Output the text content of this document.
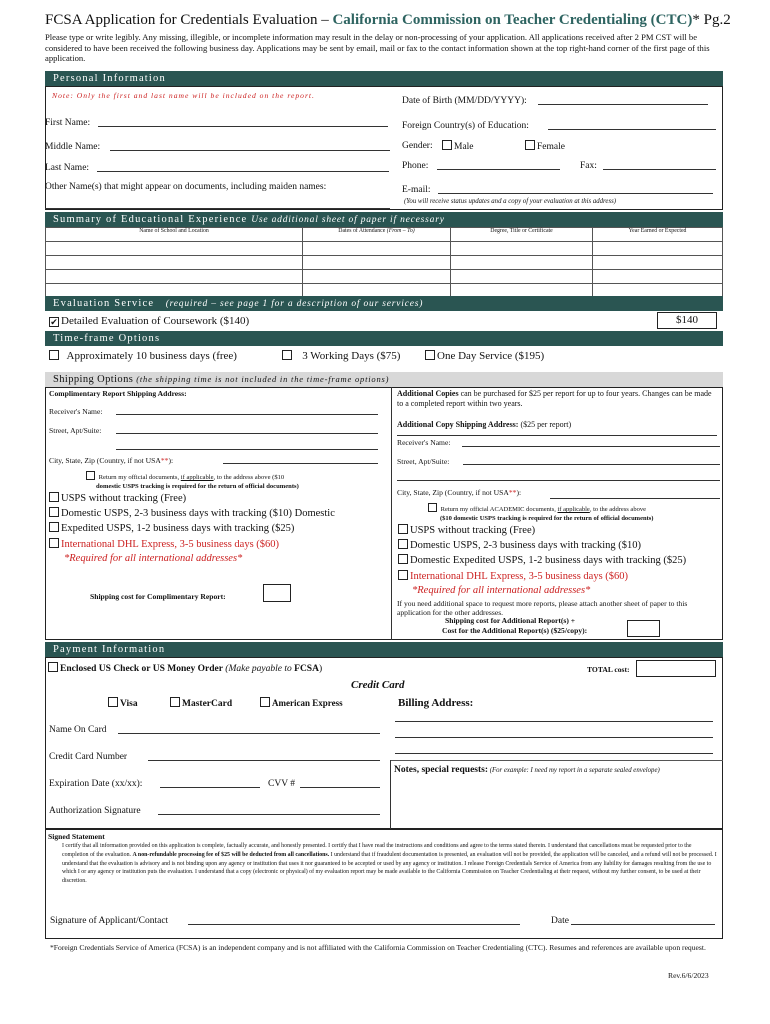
FCSA Application for Credentials Evaluation – California Commission on Teacher Credentialing (CTC)* Pg.2
Please type or write legibly. Any missing, illegible, or incomplete information may result in the delay or non-processing of your application. All applications received after 2 PM CST will be considered to have been received the following business day. Applications may be sent by email, mail or fax to the contact information shown at the top right-hand corner of the first page of this application.
Personal Information
Note: Only the first and last name will be included on the report.
First Name:
Middle Name:
Last Name:
Other Name(s) that might appear on documents, including maiden names:
Date of Birth (MM/DD/YYYY):
Foreign Country(s) of Education:
Gender:	Male	Female
Phone:	Fax:
E-mail:
(You will receive status updates and a copy of your evaluation at this address)
Summary of Educational Experience Use additional sheet of paper if necessary
Name of School and Location	Dates of Attendance (From – To)	Degree, Title or Certificate	Year Earned or Expected

Evaluation Service (required – see page 1 for a description of our services)
✔ Detailed Evaluation of Coursework ($140)	$140
Time-frame Options
Approximately 10 business days (free)	3 Working Days ($75)	One Day Service ($195)
Shipping Options (the shipping time is not included in the time-frame options)
Complimentary Report Shipping Address:
Receiver's Name:
Street, Apt/Suite:
City, State, Zip (Country, if not USA**):
Return my official documents, if applicable, to the address above ($10
domestic USPS tracking is required for the return of official documents)
USPS without tracking (Free)
Domestic USPS, 2-3 business days with tracking ($10) Domestic
Expedited USPS, 1-2 business days with tracking ($25)
International DHL Express, 3-5 business days ($60)
*Required for all international addresses*
Shipping cost for Complimentary Report:
Additional Copies can be purchased for $25 per report for up to four years. Changes can be made to a completed report within two years.
Additional Copy Shipping Address: ($25 per report)
Receiver's Name:
Street, Apt/Suite:
City, State, Zip (Country, if not USA**):
Return my official ACADEMIC documents, if applicable, to the address above
($10 domestic USPS tracking is required for the return of official documents)
USPS without tracking (Free)
Domestic USPS, 2-3 business days with tracking ($10)
Domestic Expedited USPS, 1-2 business days with tracking ($25)
International DHL Express, 3-5 business days ($60)
*Required for all international addresses*
If you need additional space to request more reports, please attach another sheet of paper to this application for the other addresses.
Shipping cost for Additional Report(s) +
Cost for the Additional Report(s) ($25/copy):
Payment Information
Enclosed US Check or US Money Order (Make payable to FCSA)	TOTAL cost:
Credit Card
Visa	MasterCard	American Express	Billing Address:
Name On Card
Credit Card Number
Notes, special requests: (For example: I need my report in a separate sealed envelope)
Expiration Date (xx/xx):	CVV #
Authorization Signature
Signed Statement
I certify that all information provided on this application is complete, factually accurate, and honestly presented. I certify that I have read the instructions and conditions and agree to the terms stated therein. I understand that cancellations must be requested prior to the completion of the evaluation. A non-refundable processing fee of $25 will be deducted from all cancellations. I understand that if fraudulent documentation is presented, an evaluation will not be provided, the application will be canceled, and a refund will not be processed. I understand that the evaluation is advisory and is not binding upon any agency or institution that uses it nor guaranteed to be accepted or used by any agency or institution. I release Foreign Credentials Service of America from any liability for damages resulting from the use to which I or any agency or institution puts the evaluation. I understand that a copy (electronic or physical) of my evaluation report may be made available to the California Commission on Teacher Credentialing at their request, without my further consent, to be used at their discretion.
Signature of Applicant/Contact	Date
*Foreign Credentials Service of America (FCSA) is an independent company and is not affiliated with the California Commission on Teacher Credentialing (CTC). Resumes and references are available upon request.
Rev.6/6/2023
